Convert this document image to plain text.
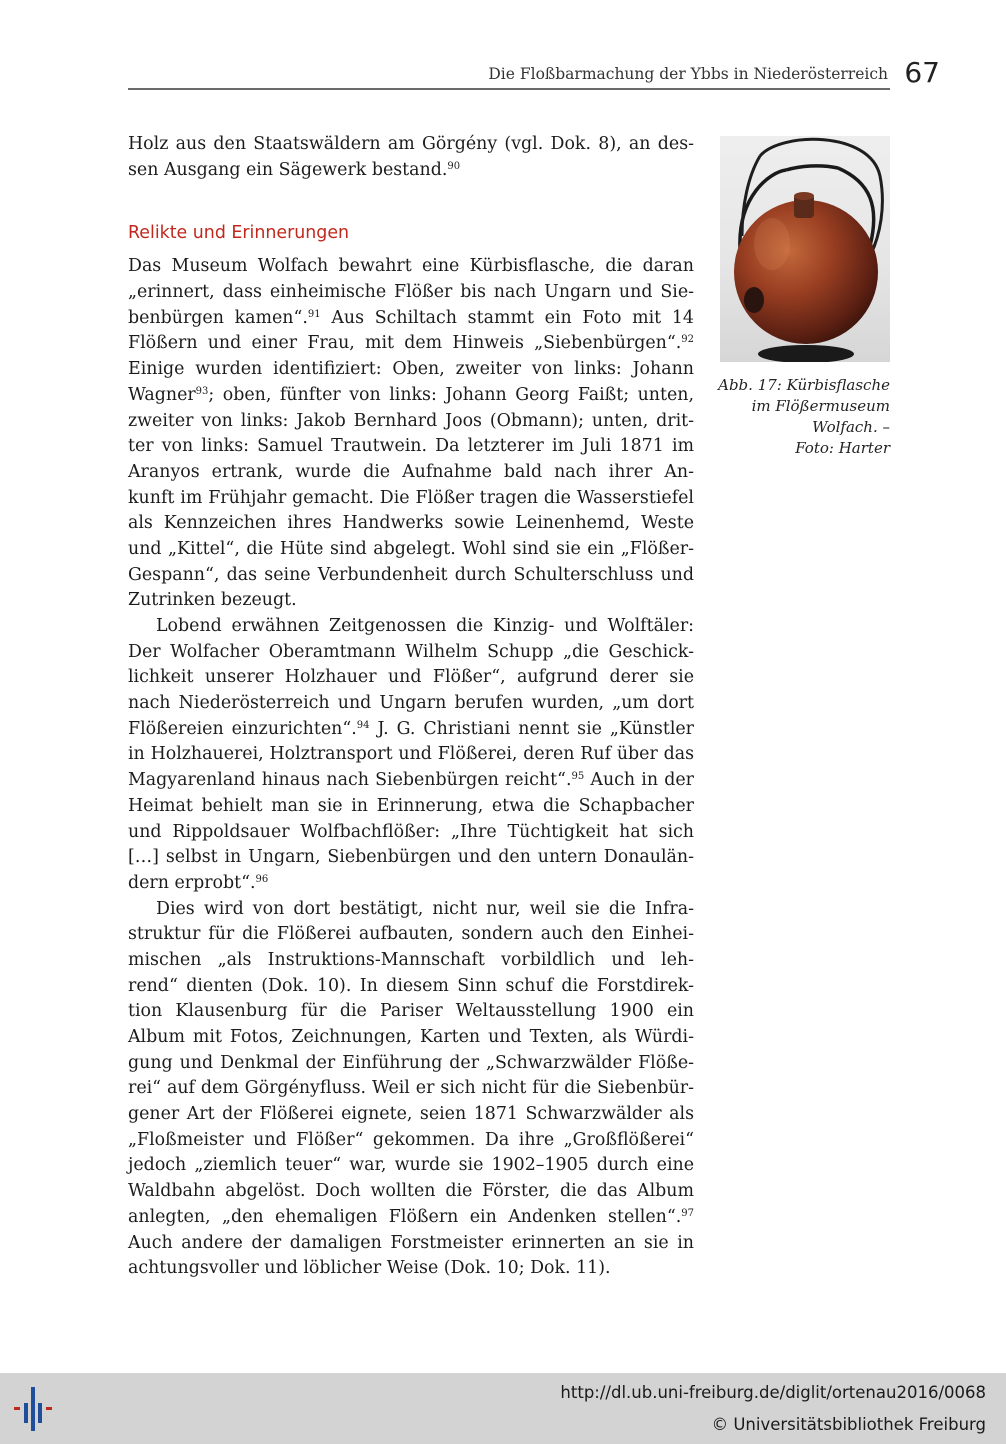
Die Floßbarmachung der Ybbs in Niederösterreich 67
Holz aus den Staatswäldern am Görgény (vgl. Dok. 8), an des-
sen Ausgang ein Sägewerk bestand.$^{90}$
Relikte und Erinnerungen
Das Museum Wolfach bewahrt eine Kürbisflasche, die daran
„erinnert, dass einheimische Flößer bis nach Ungarn und Sie-
benbürgen kamen“.$^{91}$ Aus Schiltach stammt ein Foto mit 14
Flößern und einer Frau, mit dem Hinweis „Siebenbürgen“.$^{92}$
Einige wurden identifiziert: Oben, zweiter von links: Johann
Wagner$^{93}$; oben, fünfter von links: Johann Georg Faißt; unten,
zweiter von links: Jakob Bernhard Joos (Obmann); unten, drit-
ter von links: Samuel Trautwein. Da letzterer im Juli 1871 im
Aranyos ertrank, wurde die Aufnahme bald nach ihrer An-
kunft im Frühjahr gemacht. Die Flößer tragen die Wasserstiefel
als Kennzeichen ihres Handwerks sowie Leinenhemd, Weste
und „Kittel“, die Hüte sind abgelegt. Wohl sind sie ein „Flößer-
Gespann“, das seine Verbundenheit durch Schulterschluss und
Zutrinken bezeugt.
Lobend erwähnen Zeitgenossen die Kinzig- und Wolftäler:
Der Wolfacher Oberamtmann Wilhelm Schupp „die Geschick-
lichkeit unserer Holzhauer und Flößer“, aufgrund derer sie
nach Niederösterreich und Ungarn berufen wurden, „um dort
Flößereien einzurichten“.$^{94}$ J. G. Christiani nennt sie „Künstler
in Holzhauerei, Holztransport und Flößerei, deren Ruf über das
Magyarenland hinaus nach Siebenbürgen reicht“.$^{95}$ Auch in der
Heimat behielt man sie in Erinnerung, etwa die Schapbacher
und Rippoldsauer Wolfbachflößer: „Ihre Tüchtigkeit hat sich
[…] selbst in Ungarn, Siebenbürgen und den untern Donaulän-
dern erprobt“.$^{96}$
Dies wird von dort bestätigt, nicht nur, weil sie die Infra-
struktur für die Flößerei aufbauten, sondern auch den Einhei-
mischen „als Instruktions-Mannschaft vorbildlich und leh-
rend“ dienten (Dok. 10). In diesem Sinn schuf die Forstdirek-
tion Klausenburg für die Pariser Weltausstellung 1900 ein
Album mit Fotos, Zeichnungen, Karten und Texten, als Würdi-
gung und Denkmal der Einführung der „Schwarzwälder Flöße-
rei“ auf dem Görgényfluss. Weil er sich nicht für die Siebenbür-
gener Art der Flößerei eignete, seien 1871 Schwarzwälder als
„Floßmeister und Flößer“ gekommen. Da ihre „Großflößerei“
jedoch „ziemlich teuer“ war, wurde sie 1902–1905 durch eine
Waldbahn abgelöst. Doch wollten die Förster, die das Album
anlegten, „den ehemaligen Flößern ein Andenken stellen“.$^{97}$
Auch andere der damaligen Forstmeister erinnerten an sie in
achtungsvoller und löblicher Weise (Dok. 10; Dok. 11).
Abb. 17: Kürbisflasche
im Flößermuseum
Wolfach. –
Foto: Harter
http://dl.ub.uni-freiburg.de/diglit/ortenau2016/0068
© Universitätsbibliothek Freiburg
